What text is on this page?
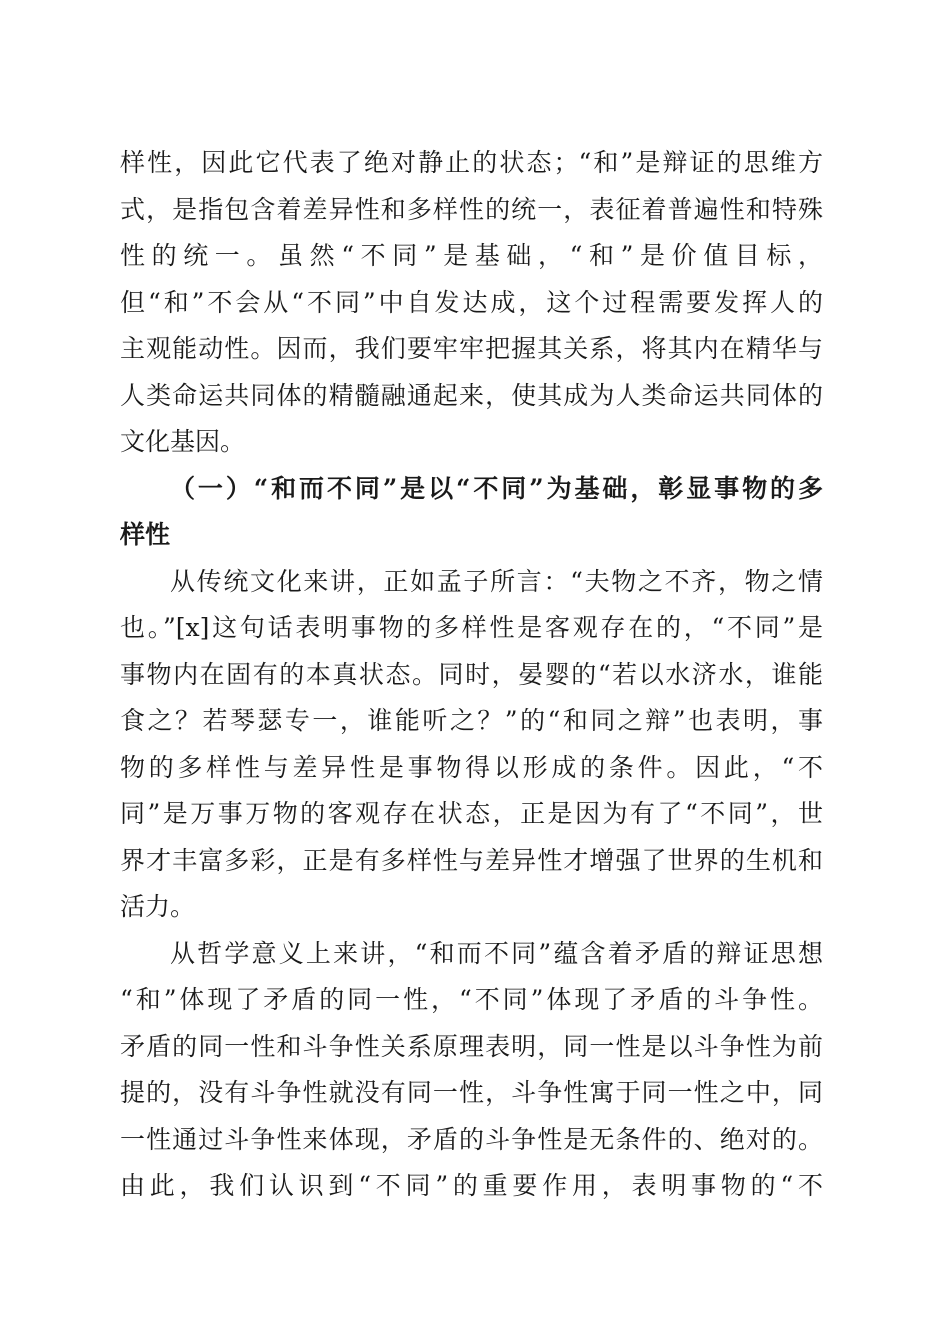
样性，因此它代表了绝对静止的状态；“和”是辩证的思维方
式，是指包含着差异性和多样性的统一，表征着普遍性和特殊
性的统一。虽然“不同”是基础，“和”是价值目标，
但“和”不会从“不同”中自发达成，这个过程需要发挥人的
主观能动性。因而，我们要牢牢把握其关系，将其内在精华与
人类命运共同体的精髓融通起来，使其成为人类命运共同体的
文化基因。
（一）“和而不同”是以“不同”为基础，彰显事物的多
样性
从传统文化来讲，正如孟子所言：“夫物之不齐，物之情
也。”[x]这句话表明事物的多样性是客观存在的，“不同”是
事物内在固有的本真状态。同时，晏婴的“若以水济水，谁能
食之？若琴瑟专一，谁能听之？”的“和同之辩”也表明，事
物的多样性与差异性是事物得以形成的条件。因此，“不
同”是万事万物的客观存在状态，正是因为有了“不同”，世
界才丰富多彩，正是有多样性与差异性才增强了世界的生机和
活力。
从哲学意义上来讲，“和而不同”蕴含着矛盾的辩证思想
“和”体现了矛盾的同一性，“不同”体现了矛盾的斗争性。
矛盾的同一性和斗争性关系原理表明，同一性是以斗争性为前
提的，没有斗争性就没有同一性，斗争性寓于同一性之中，同
一性通过斗争性来体现，矛盾的斗争性是无条件的、绝对的。
由此，我们认识到“不同”的重要作用，表明事物的“不
